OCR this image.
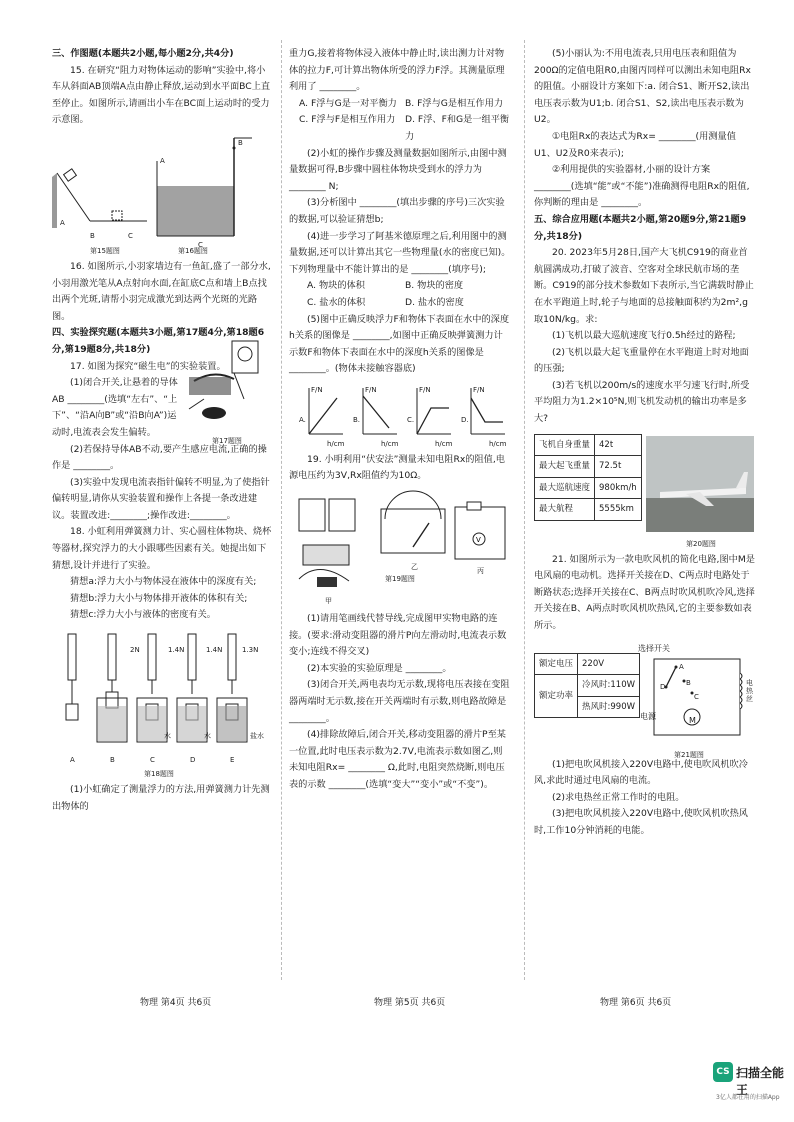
三、作图题(本题共2小题,每小题2分,共4分)

15. 在研究“阻力对物体运动的影响”实验中,将小车从斜面AB顶端A点由静止释放,运动到水平面BC上直至停止。如图所示,请画出小车在BC面上运动时的受力示意图。

A
B	C
A
B
C
第15题图	第16题图

16. 如图所示,小羽家墙边有一鱼缸,盛了一部分水,小羽用激光笔从A点射向水面,在缸底C点和墙上B点找出两个光斑,请帮小羽完成激光到达两个光斑的光路图。

四、实验探究题(本题共3小题,第17题4分,第18题6分,第19题8分,共18分)

17. 如图为探究“磁生电”的实验装置。

(1)闭合开关,让悬着的导体AB ________(选填“左右”、“上下”、“沿A向B”或“沿B向A”)运动时,电流表会发生偏转。

第17题图

(2)若保持导体AB不动,要产生感应电流,正确的操作是 ________。

(3)实验中发现电流表指针偏转不明显,为了使指针偏转明显,请你从实验装置和操作上各提一条改进建议。装置改进:________;操作改进:________。

18. 小虹利用弹簧测力计、实心圆柱体物块、烧杯等器材,探究浮力的大小跟哪些因素有关。她提出如下猜想,设计并进行了实验。

猜想a:浮力大小与物体浸在液体中的深度有关;

猜想b:浮力大小与物体排开液体的体积有关;

猜想c:浮力大小与液体的密度有关。

2N	1.4N	1.4N	1.3N
A	B	C	D	E
水	水	盐水
第18题图

(1)小虹确定了测量浮力的方法,用弹簧测力计先测出物体的

重力G,接着将物体浸入液体中静止时,读出测力计对物体的拉力F,可计算出物体所受的浮力F浮。其测量原理利用了 ________。

A. F浮与G是一对平衡力 B. F浮与G是相互作用力
C. F浮与F是相互作用力	D. F浮、F和G是一组平衡力

(2)小虹的操作步骤及测量数据如图所示,由图中测量数据可得,B步骤中圆柱体物块受到水的浮力为 ________ N;

(3)分析图中 ________(填出步骤的序号)三次实验的数据,可以验证猜想b;

(4)进一步学习了阿基米德原理之后,利用图中的测量数据,还可以计算出其它一些物理量(水的密度已知)。下列物理量中不能计算出的是 ________(填序号);

A. 物块的体积	B. 物块的密度
C. 盐水的体积	D. 盐水的密度

(5)图中正确反映浮力F和物体下表面在水中的深度h关系的图像是 ________,如图中正确反映弹簧测力计示数F和物体下表面在水中的深度h关系的图像是 ________。(物体未接触容器底)

A.	B.	C.	D.
F/N	F/N	F/N	F/N
h/cm	h/cm	h/cm	h/cm

19. 小明利用“伏安法”测量未知电阻Rx的阻值,电源电压约为3V,Rx阻值约为10Ω。

V
甲
乙	丙
第19题图

(1)请用笔画线代替导线,完成图甲实物电路的连接。(要求:滑动变阻器的滑片P向左滑动时,电流表示数变小;连线不得交叉)

(2)本实验的实验原理是 ________。

(3)闭合开关,两电表均无示数,现将电压表接在变阻器两端时无示数,接在开关两端时有示数,则电路故障是 ________。

(4)排除故障后,闭合开关,移动变阻器的滑片P至某一位置,此时电压表示数为2.7V,电流表示数如图乙,则未知电阻Rx= ________ Ω,此时,电阻突然烧断,则电压表的示数 ________(选填“变大”“变小”或“不变”)。

(5)小丽认为:不用电流表,只用电压表和阻值为200Ω的定值电阻R0,由图丙同样可以测出未知电阻Rx的阻值。小丽设计方案如下:a. 闭合S1、断开S2,读出电压表示数为U1;b. 闭合S1、S2,读出电压表示数为U2。

①电阻Rx的表达式为Rx= ________(用测量值U1、U2及R0来表示);

②利用提供的实验器材,小丽的设计方案 ________(选填“能”或“不能”)准确测得电阻Rx的阻值,你判断的理由是 ________。

五、综合应用题(本题共2小题,第20题9分,第21题9分,共18分)

20. 2023年5月28日,国产大飞机C919的商业首航圆满成功,打破了波音、空客对全球民航市场的垄断。C919的部分技术参数如下表所示,当它满载时静止在水平跑道上时,轮子与地面的总接触面积约为2m²,g取10N/kg。求:

(1)飞机以最大巡航速度飞行0.5h经过的路程;

(2)飞机以最大起飞重量停在水平跑道上时对地面的压强;

(3)若飞机以200m/s的速度水平匀速飞行时,所受平均阻力为1.2×10⁵N,则飞机发动机的输出功率是多大?

飞机自身重量	42t
最大起飞重量	72.5t
最大巡航速度	980km/h
最大航程	5555km
第20题图

21. 如图所示为一款电吹风机的简化电路,图中M是电风扇的电动机。选择开关接在D、C两点时电路处于断路状态;选择开关接在C、B两点时吹风机吹冷风,选择开关接在B、A两点时吹风机吹热风,它的主要参数如表所示。

额定电压	220V
额定功率	冷风时:110W
	热风时:990W
选择开关
电源
电热丝
M
A
B
C
D
第21题图

(1)把电吹风机接入220V电路中,使电吹风机吹冷风,求此时通过电风扇的电流。

(2)求电热丝正常工作时的电阻。

(3)把电吹风机接入220V电路中,使吹风机吹热风时,工作10分钟消耗的电能。

物理 第4页 共6页	物理 第5页 共6页	物理 第6页 共6页
CS 扫描全能王
3亿人都在用的扫描App
